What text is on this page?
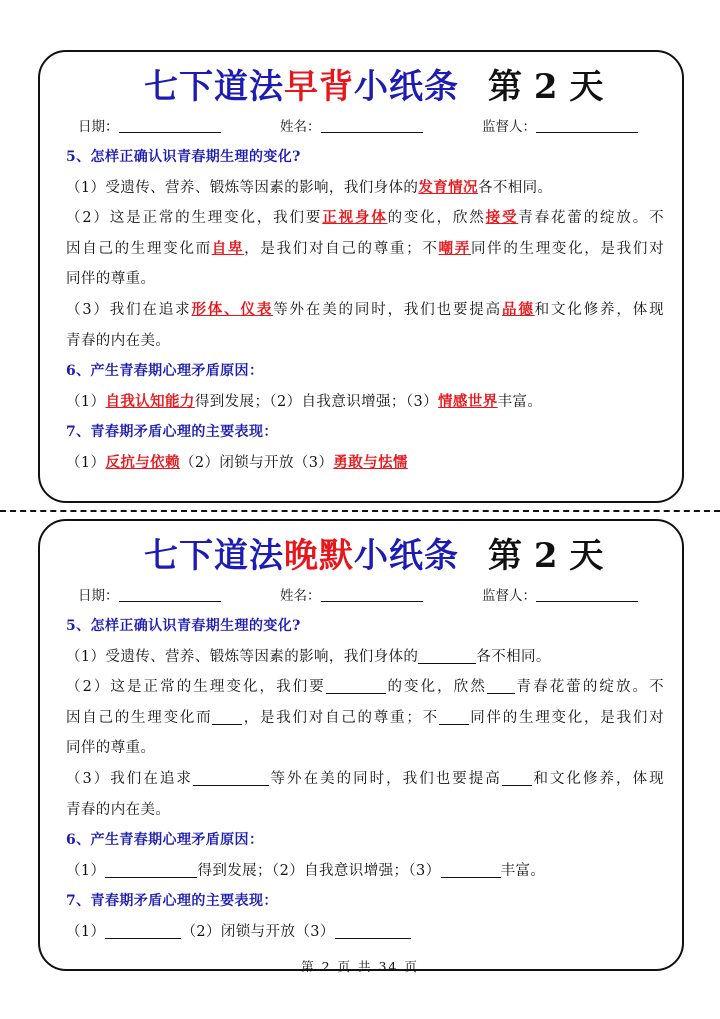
七下道法早背小纸条 第 2 天
日期：	姓名：	监督人：
5、怎样正确认识青春期生理的变化?
（1）受遗传、营养、锻炼等因素的影响，我们身体的发育情况各不相同。
（2）这是正常的生理变化，我们要正视身体的变化，欣然接受青春花蕾的绽放。不
因自己的生理变化而自卑，是我们对自己的尊重；不嘲弄同伴的生理变化，是我们对
同伴的尊重。
（3）我们在追求形体、仪表等外在美的同时，我们也要提高品德和文化修养，体现
青春的内在美。
6、产生青春期心理矛盾原因：
（1）自我认知能力得到发展；（2）自我意识增强；（3）情感世界丰富。
7、青春期矛盾心理的主要表现：
（1）反抗与依赖（2）闭锁与开放（3）勇敢与怯懦
七下道法晚默小纸条 第 2 天
日期：	姓名：	监督人：
5、怎样正确认识青春期生理的变化?
（1）受遗传、营养、锻炼等因素的影响，我们身体的	各不相同。
（2）这是正常的生理变化，我们要	的变化，欣然 青春花蕾的绽放。不
因自己的生理变化而 ，是我们对自己的尊重；不 同伴的生理变化，是我们对
同伴的尊重。
（3）我们在追求	等外在美的同时，我们也要提高 和文化修养，体现
青春的内在美。
6、产生青春期心理矛盾原因：
（1）	得到发展；（2）自我意识增强；（3）	丰富。
7、青春期矛盾心理的主要表现：
（1）	（2）闭锁与开放（3）
第 2 页 共 34 页
